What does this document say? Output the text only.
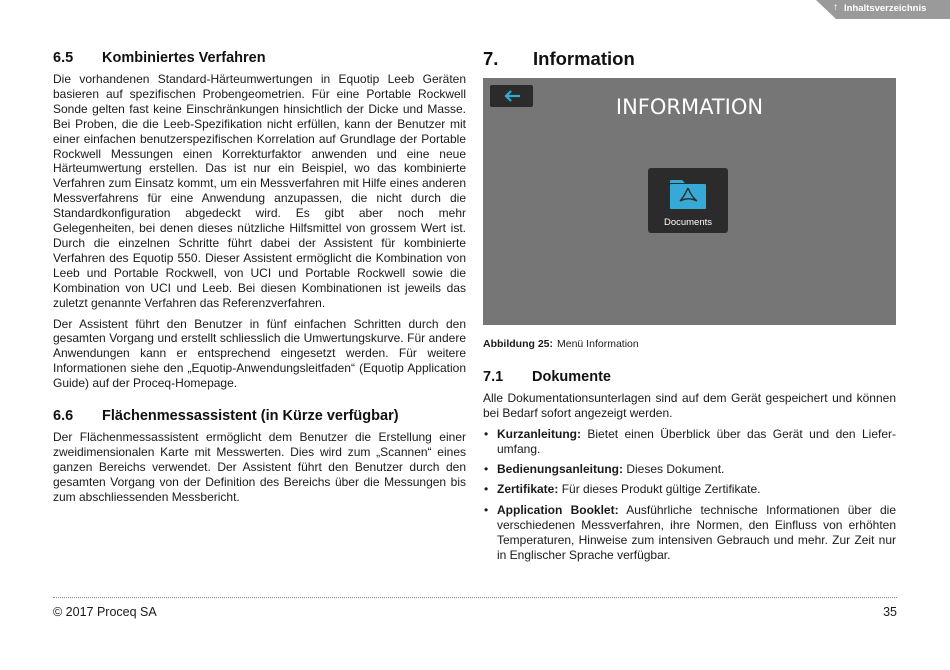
↑ Inhaltsverzeichnis
6.5	Kombiniertes Verfahren

Die vorhandenen Standard-Härteumwertungen in Equotip Leeb Geräten basieren auf spezifischen Probengeometrien. Für eine Portable Rockwell Sonde gelten fast keine Einschränkungen hinsichtlich der Dicke und Masse. Bei Proben, die die Leeb-Spezifikation nicht erfüllen, kann der Benutzer mit einer einfachen benutzerspezifischen Korrelation auf Grundlage der Portable Rockwell Messungen einen Korrekturfaktor anwenden und eine neue Härteumwertung erstellen. Das ist nur ein Beispiel, wo das kombinierte Verfahren zum Einsatz kommt, um ein Messverfahren mit Hilfe eines anderen Messverfahrens für eine Anwendung anzupassen, die nicht durch die Standardkonfiguration abgedeckt wird. Es gibt aber noch mehr Gelegenheiten, bei denen dieses nützliche Hilfsmittel von grossem Wert ist. Durch die einzelnen Schritte führt dabei der Assistent für kombinierte Verfahren des Equotip 550. Dieser Assistent ermöglicht die Kombination von Leeb und Portable Rockwell, von UCI und Portable Rockwell sowie die Kombination von UCI und Leeb. Bei diesen Kombinationen ist jeweils das zuletzt genannte Verfahren das Referenzverfahren.

Der Assistent führt den Benutzer in fünf einfachen Schritten durch den gesamten Vorgang und erstellt schliesslich die Umwertungskurve. Für andere Anwendungen kann er entsprechend eingesetzt werden. Für weitere Informationen siehe den „Equotip-Anwendungsleitfaden“ (Equotip Application Guide) auf der Proceq-Homepage.

6.6	Flächenmessassistent (in Kürze verfügbar)

Der Flächenmessassistent ermöglicht dem Benutzer die Erstellung einer zweidimensionalen Karte mit Messwerten. Dies wird zum „Scannen“ eines ganzen Bereichs verwendet. Der Assistent führt den Benutzer durch den gesamten Vorgang von der Definition des Bereichs über die Messungen bis zum abschliessenden Messbericht.

7.	Information
INFORMATION
Documents
Abbildung 25: Menü Information
7.1	Dokumente

Alle Dokumentationsunterlagen sind auf dem Gerät gespeichert und können bei Bedarf sofort angezeigt werden.

• Kurzanleitung: Bietet einen Überblick über das Gerät und den Lieferumfang.
• Bedienungsanleitung: Dieses Dokument.
• Zertifikate: Für dieses Produkt gültige Zertifikate.
• Application Booklet: Ausführliche technische Informationen über die verschiedenen Messverfahren, ihre Normen, den Einfluss von erhöhten Temperaturen, Hinweise zum intensiven Gebrauch und mehr. Zur Zeit nur in Englischer Sprache verfügbar.
© 2017 Proceq SA	35
